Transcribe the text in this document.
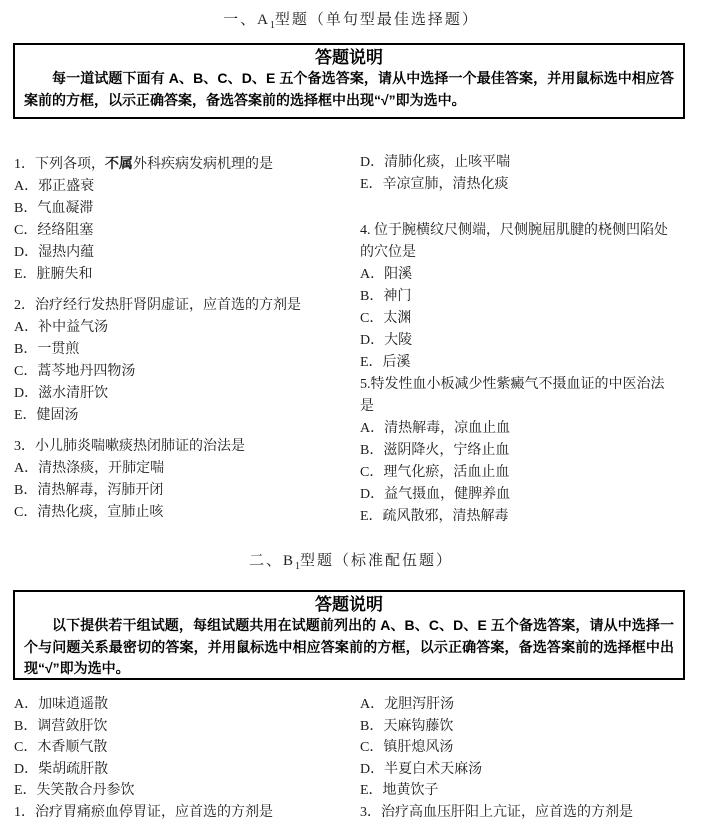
一、$A_1$型题（单句型最佳选择题）
答题说明

每一道试题下面有 A、B、C、D、E 五个备选答案，请从中选择一个最佳答案，并用鼠标选中相应答案前的方框，以示正确答案，备选答案前的选择框中出现“√”即为选中。

1．下列各项，不属外科疾病发病机理的是
A．邪正盛衰
B．气血凝滞
C．经络阻塞
D．湿热内蕴
E．脏腑失和
2．治疗经行发热肝肾阴虚证，应首选的方剂是
A．补中益气汤
B．一贯煎
C．蒿芩地丹四物汤
D．滋水清肝饮
E．健固汤
3．小儿肺炎喘嗽痰热闭肺证的治法是
A．清热涤痰，开肺定喘
B．清热解毒，泻肺开闭
C．清热化痰，宣肺止咳
D．清肺化痰，止咳平喘
E．辛凉宣肺，清热化痰
4. 位于腕横纹尺侧端，尺侧腕屈肌腱的桡侧凹陷处的穴位是
A．阳溪
B．神门
C．太渊
D．大陵
E．后溪
5.特发性血小板减少性紫癜气不摄血证的中医治法是
A．清热解毒，凉血止血
B．滋阴降火，宁络止血
C．理气化瘀，活血止血
D．益气摄血，健脾养血
E．疏风散邪，清热解毒
二、$B_1$型题（标准配伍题）
答题说明

以下提供若干组试题，每组试题共用在试题前列出的 A、B、C、D、E 五个备选答案，请从中选择一个与问题关系最密切的答案，并用鼠标选中相应答案前的方框，以示正确答案，备选答案前的选择框中出现“√”即为选中。

A．加味逍遥散
B．调营敛肝饮
C．木香顺气散
D．柴胡疏肝散
E．失笑散合丹参饮
1．治疗胃痛瘀血停胃证，应首选的方剂是
A．龙胆泻肝汤
B．天麻钩藤饮
C．镇肝熄风汤
D．半夏白术天麻汤
E．地黄饮子
3．治疗高血压肝阳上亢证，应首选的方剂是
